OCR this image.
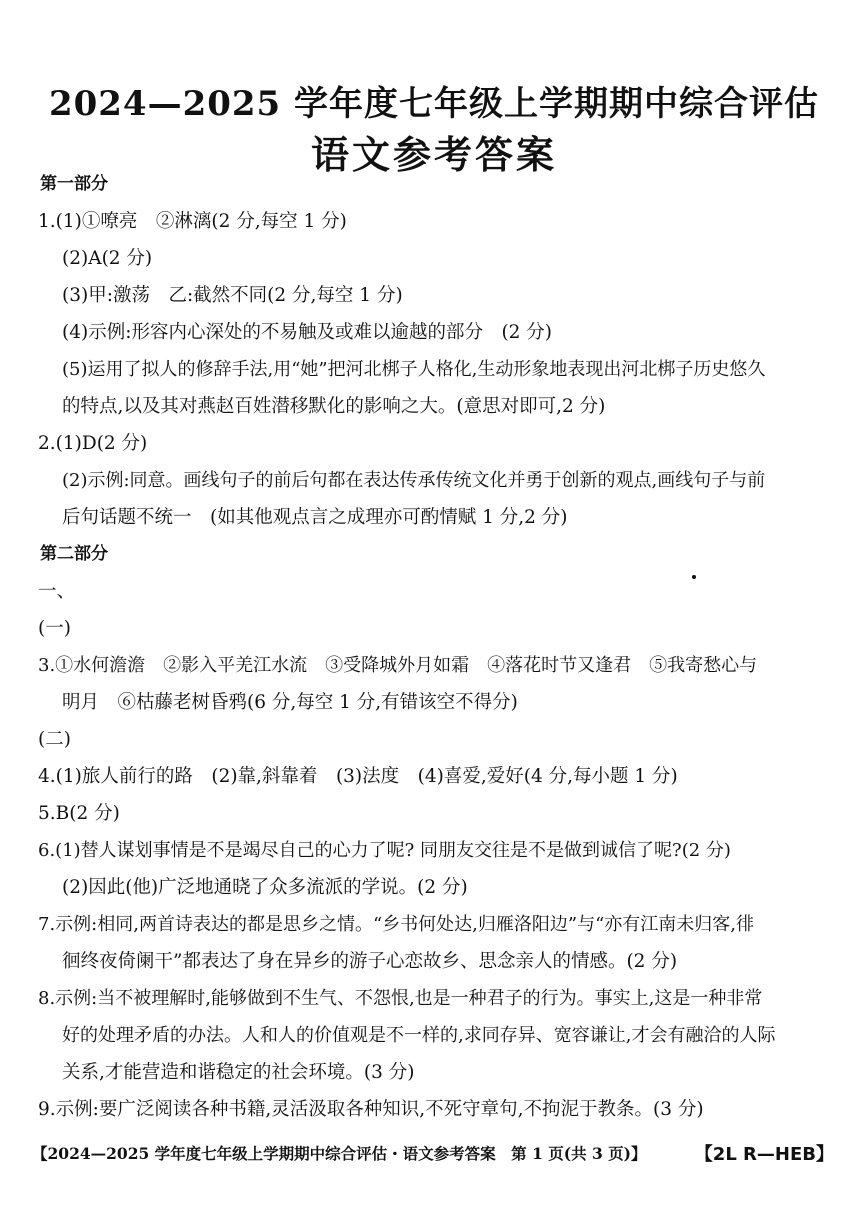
2024—2025 学年度七年级上学期期中综合评估
语文参考答案
第一部分
1.(1)①嘹亮　②淋漓(2 分,每空 1 分)
(2)A(2 分)
(3)甲:激荡　乙:截然不同(2 分,每空 1 分)
(4)示例:形容内心深处的不易触及或难以逾越的部分　(2 分)
(5)运用了拟人的修辞手法,用“她”把河北梆子人格化,生动形象地表现出河北梆子历史悠久
的特点,以及其对燕赵百姓潜移默化的影响之大。(意思对即可,2 分)
2.(1)D(2 分)
(2)示例:同意。画线句子的前后句都在表达传承传统文化并勇于创新的观点,画线句子与前
后句话题不统一　(如其他观点言之成理亦可酌情赋 1 分,2 分)
第二部分
一、
(一)
3.①水何澹澹　②影入平羌江水流　③受降城外月如霜　④落花时节又逢君　⑤我寄愁心与
明月　⑥枯藤老树昏鸦(6 分,每空 1 分,有错该空不得分)
(二)
4.(1)旅人前行的路　(2)靠,斜靠着　(3)法度　(4)喜爱,爱好(4 分,每小题 1 分)
5.B(2 分)
6.(1)替人谋划事情是不是竭尽自己的心力了呢? 同朋友交往是不是做到诚信了呢?(2 分)
(2)因此(他)广泛地通晓了众多流派的学说。(2 分)
7.示例:相同,两首诗表达的都是思乡之情。“乡书何处达,归雁洛阳边”与“亦有江南未归客,徘
徊终夜倚阑干”都表达了身在异乡的游子心恋故乡、思念亲人的情感。(2 分)
8.示例:当不被理解时,能够做到不生气、不怨恨,也是一种君子的行为。事实上,这是一种非常
好的处理矛盾的办法。人和人的价值观是不一样的,求同存异、宽容谦让,才会有融洽的人际
关系,才能营造和谐稳定的社会环境。(3 分)
9.示例:要广泛阅读各种书籍,灵活汲取各种知识,不死守章句,不拘泥于教条。(3 分)
【2024—2025 学年度七年级上学期期中综合评估・语文参考答案　第 1 页(共 3 页)】	【2L R—HEB】
